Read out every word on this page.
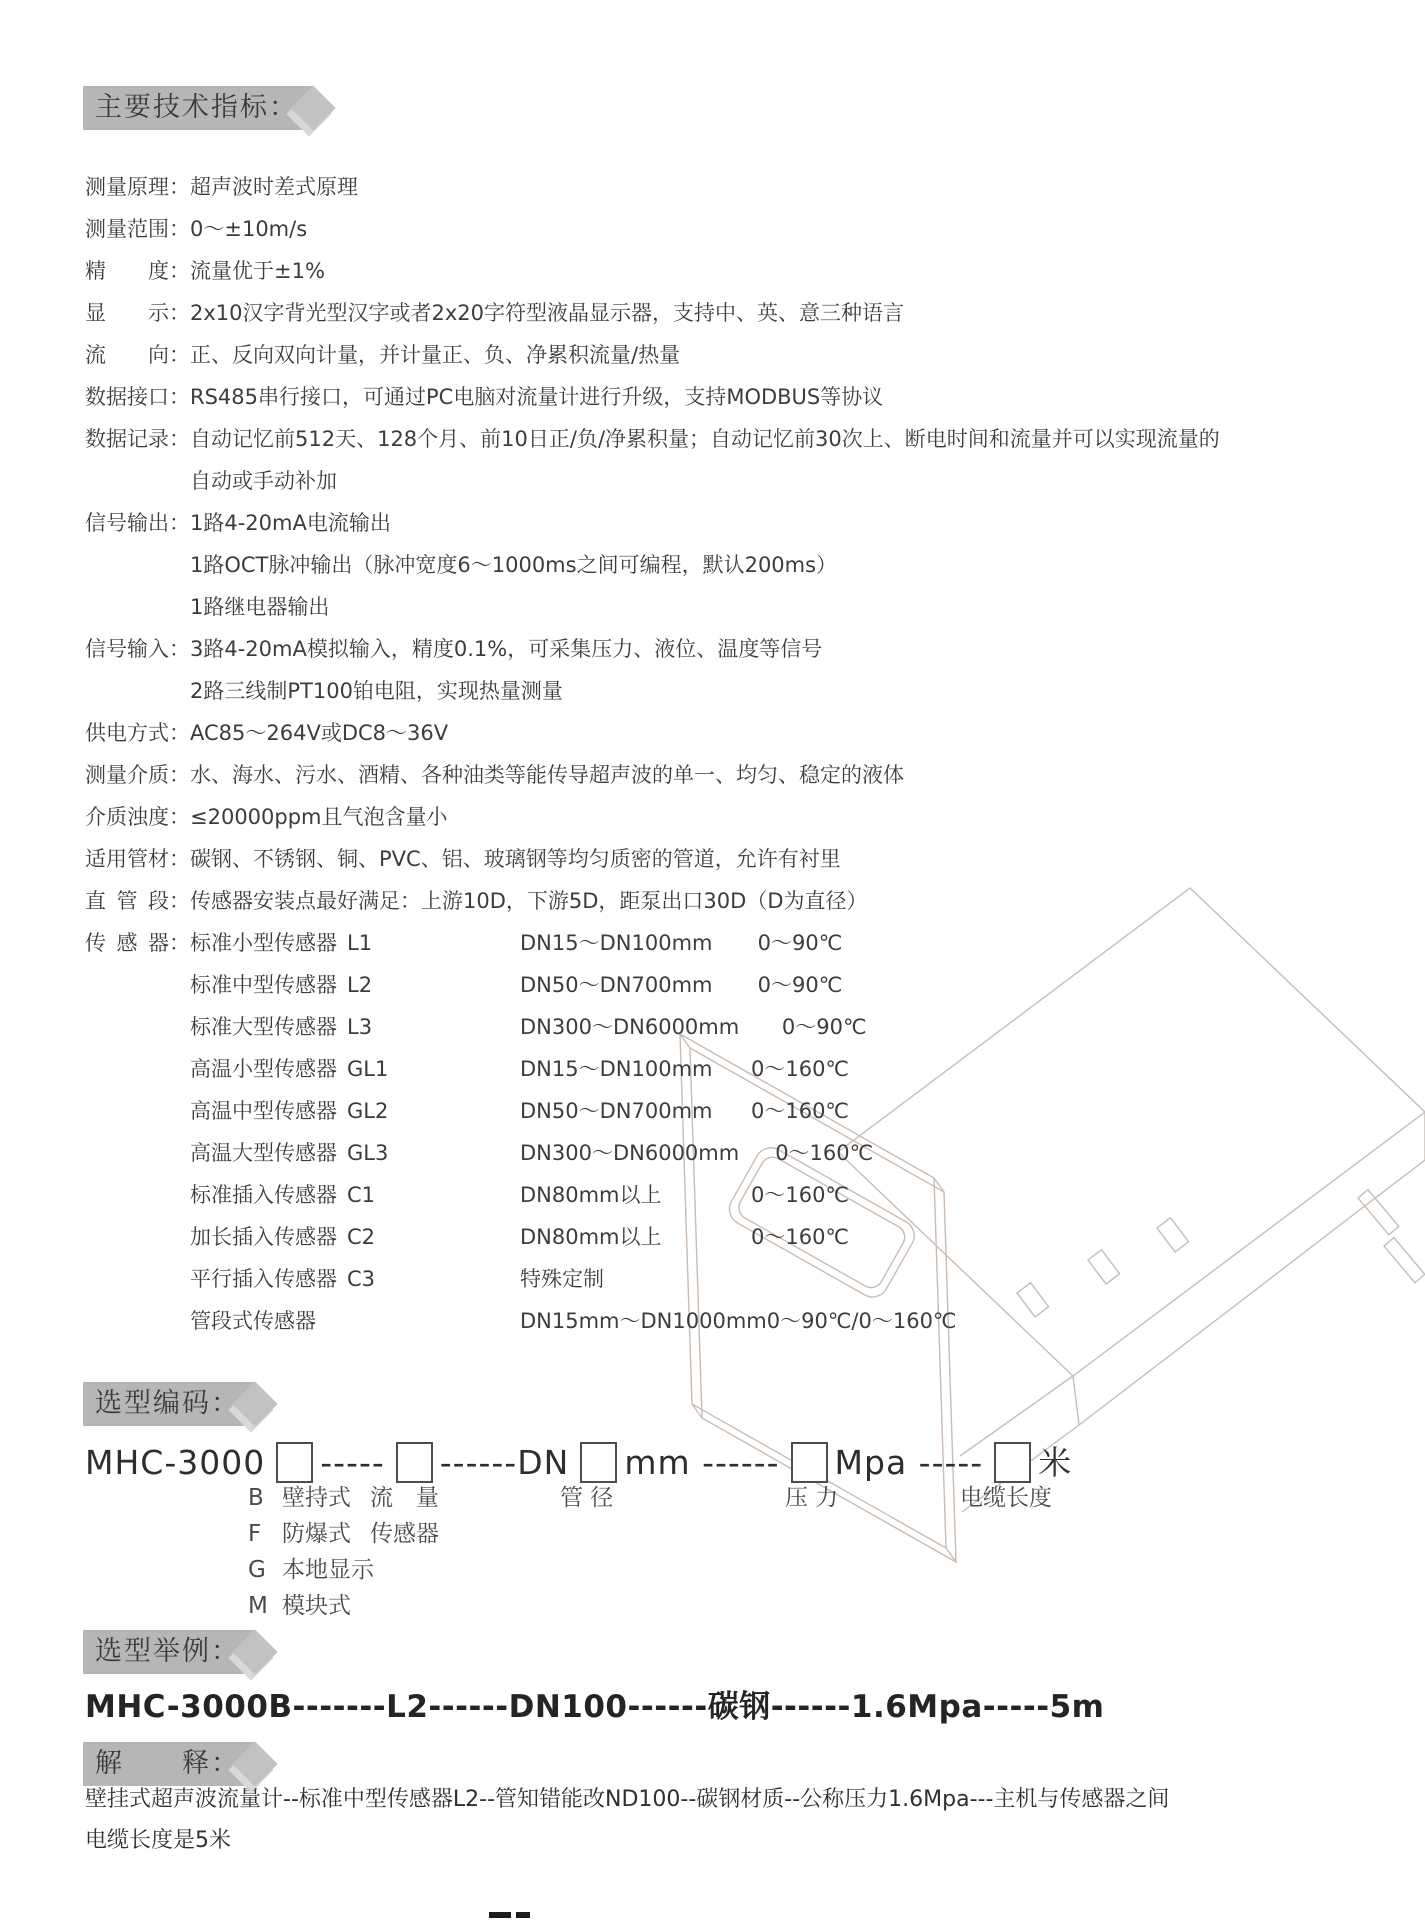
主要技术指标：
测量原理 ： 超声波时差式原理
测量范围 ： 0～±10m/s
精度 ： 流量优于±1%
显示 ： 2x10汉字背光型汉字或者2x20字符型液晶显示器，支持中、英、意三种语言
流向 ： 正、反向双向计量，并计量正、负、净累积流量/热量
数据接口 ： RS485串行接口，可通过PC电脑对流量计进行升级，支持MODBUS等协议
数据记录 ： 自动记忆前512天、128个月、前10日正/负/净累积量；自动记忆前30次上、断电时间和流量并可以实现流量的
自动或手动补加
信号输出 ： 1路4-20mA电流输出
1路OCT脉冲输出（脉冲宽度6～1000ms之间可编程，默认200ms）
1路继电器输出
信号输入 ： 3路4-20mA模拟输入，精度0.1%，可采集压力、液位、温度等信号
2路三线制PT100铂电阻，实现热量测量
供电方式 ： AC85～264V或DC8～36V
测量介质 ： 水、海水、污水、酒精、各种油类等能传导超声波的单一、均匀、稳定的液体
介质浊度 ： ≤20000ppm且气泡含量小
适用管材 ： 碳钢、不锈钢、铜、PVC、铝、玻璃钢等均匀质密的管道，允许有衬里
直管段 ： 传感器安装点最好满足：上游10D，下游5D，距泵出口30D（D为直径）
传感器 ： 标准小型传感器 L1	DN15～DN100mm	0～90℃
标准中型传感器 L2	DN50～DN700mm	0～90℃
标准大型传感器 L3	DN300～DN6000mm	0～90℃
高温小型传感器 GL1	DN15～DN100mm	0～160℃
高温中型传感器 GL2	DN50～DN700mm	0～160℃
高温大型传感器 GL3	DN300～DN6000mm	0～160℃
标准插入传感器 C1	DN80mm以上	0～160℃
加长插入传感器 C2	DN80mm以上	0～160℃
平行插入传感器 C3	特殊定制
管段式传感器	DN15mm～DN1000mm 0～90℃/0～160℃
选型编码：
MHC-3000 ----- ------DN mm ------ Mpa ----- 米
B 壁持式
F 防爆式
G 本地显示
M 模块式
流　量
传感器
管 径	压 力	电缆长度
选型举例：
MHC-3000B-------L2------DN100------碳钢------1.6Mpa-----5m
解　　释：
壁挂式超声波流量计--标准中型传感器L2--管知错能改ND100--碳钢材质--公称压力1.6Mpa---主机与传感器之间
电缆长度是5米
